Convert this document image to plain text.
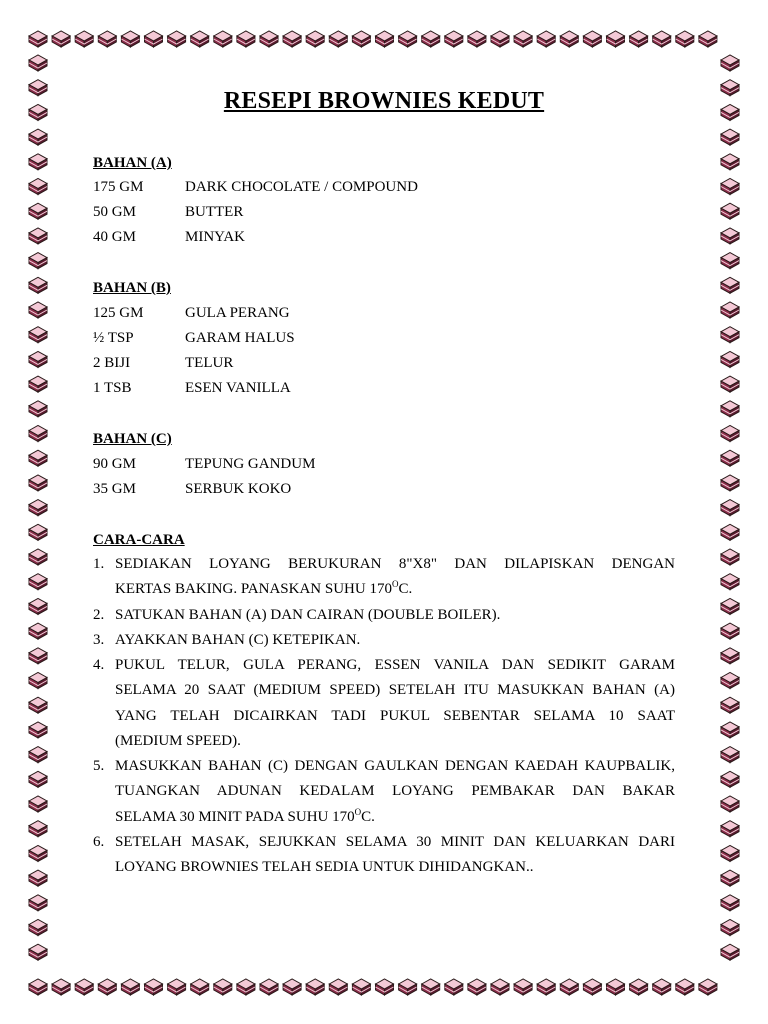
RESEPI BROWNIES KEDUT
BAHAN (A)
175 GM	DARK CHOCOLATE / COMPOUND
50 GM	BUTTER
40 GM	MINYAK
BAHAN (B)
125 GM	GULA PERANG
½ TSP	GARAM HALUS
2 BIJI	TELUR
1 TSB	ESEN VANILLA
BAHAN (C)
90 GM	TEPUNG GANDUM
35 GM	SERBUK KOKO
CARA-CARA
1. SEDIAKAN LOYANG BERUKURAN 8"X8" DAN DILAPISKAN DENGAN
KERTAS BAKING. PANASKAN SUHU $170^OC$.
2. SATUKAN BAHAN (A) DAN CAIRAN (DOUBLE BOILER).
3. AYAKKAN BAHAN (C) KETEPIKAN.
4. PUKUL TELUR, GULA PERANG, ESSEN VANILA DAN SEDIKIT GARAM
SELAMA 20 SAAT (MEDIUM SPEED) SETELAH ITU MASUKKAN BAHAN (A)
YANG TELAH DICAIRKAN TADI PUKUL SEBENTAR SELAMA 10 SAAT
(MEDIUM SPEED).
5. MASUKKAN BAHAN (C) DENGAN GAULKAN DENGAN KAEDAH KAUPBALIK,
TUANGKAN ADUNAN KEDALAM LOYANG PEMBAKAR DAN BAKAR
SELAMA 30 MINIT PADA SUHU $170^OC$.
6. SETELAH MASAK, SEJUKKAN SELAMA 30 MINIT DAN KELUARKAN DARI
LOYANG BROWNIES TELAH SEDIA UNTUK DIHIDANGKAN..
